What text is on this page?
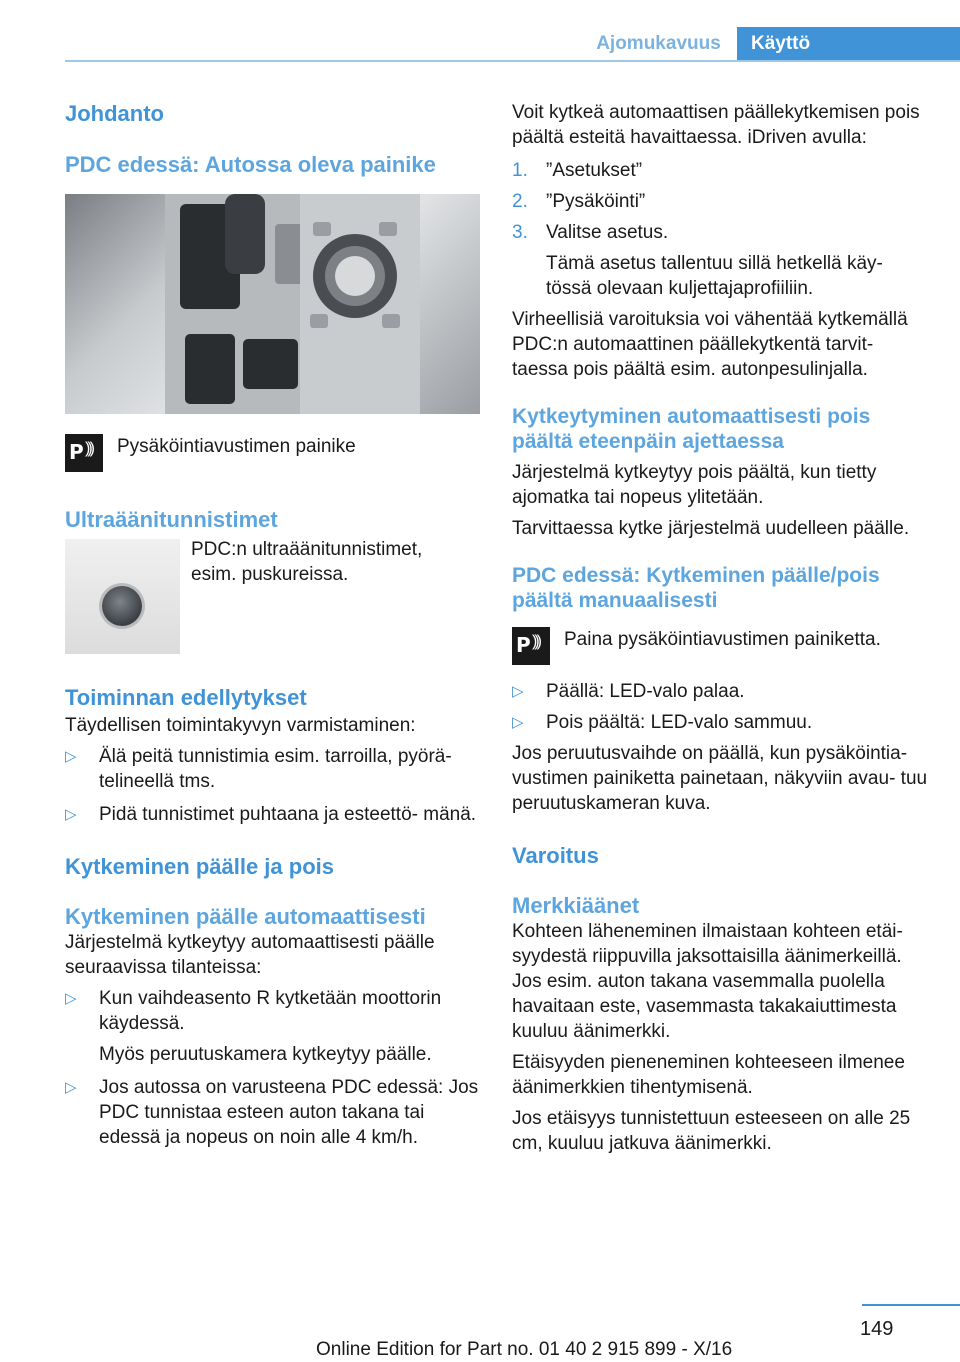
Ajomukavuus	Käyttö
Johdanto
PDC edessä: Autossa oleva painike
P ))) Pysäköintiavustimen painike
Ultraäänitunnistimet
PDC:n ultraäänitunnistimet, esim. puskureissa.
Toiminnan edellytykset
Täydellisen toimintakyvyn varmistaminen:
▷	Älä peitä tunnistimia esim. tarroilla, pyörä‐ telineellä tms.
▷	Pidä tunnistimet puhtaana ja esteettö‐ mänä.
Kytkeminen päälle ja pois
Kytkeminen päälle automaattisesti
Järjestelmä kytkeytyy automaattisesti päälle seuraavissa tilanteissa:
▷	Kun vaihdeasento R kytketään moottorin käydessä.
Myös peruutuskamera kytkeytyy päälle.
▷	Jos autossa on varusteena PDC edessä: Jos PDC tunnistaa esteen auton takana tai edessä ja nopeus on noin alle 4 km/h.
Voit kytkeä automaattisen päällekytkemisen pois päältä esteitä havaittaessa. iDriven avulla:
1. ”Asetukset”
2. ”Pysäköinti”
3. Valitse asetus.
Tämä asetus tallentuu sillä hetkellä käy‐ tössä olevaan kuljettajaprofiiliin.
Virheellisiä varoituksia voi vähentää kytkemällä PDC:n automaattinen päällekytkentä tarvit‐ taessa pois päältä esim. autonpesulinjalla.
Kytkeytyminen automaattisesti pois päältä eteenpäin ajettaessa
Järjestelmä kytkeytyy pois päältä, kun tietty ajomatka tai nopeus ylitetään.
Tarvittaessa kytke järjestelmä uudelleen päälle.
PDC edessä: Kytkeminen päälle/pois päältä manuaalisesti
P ))) Paina pysäköintiavustimen painiketta.
▷	Päällä: LED-valo palaa.
▷	Pois päältä: LED-valo sammuu.
Jos peruutusvaihde on päällä, kun pysäköintia‐ vustimen painiketta painetaan, näkyviin avau‐ tuu peruutuskameran kuva.
Varoitus
Merkkiäänet
Kohteen läheneminen ilmaistaan kohteen etäi‐ syydestä riippuvilla jaksottaisilla äänimerkeillä. Jos esim. auton takana vasemmalla puolella havaitaan este, vasemmasta takakaiuttimesta kuuluu äänimerkki.
Etäisyyden pieneneminen kohteeseen ilmenee äänimerkkien tihentymisenä.
Jos etäisyys tunnistettuun esteeseen on alle 25 cm, kuuluu jatkuva äänimerkki.
149
Online Edition for Part no. 01 40 2 915 899 - X/16
